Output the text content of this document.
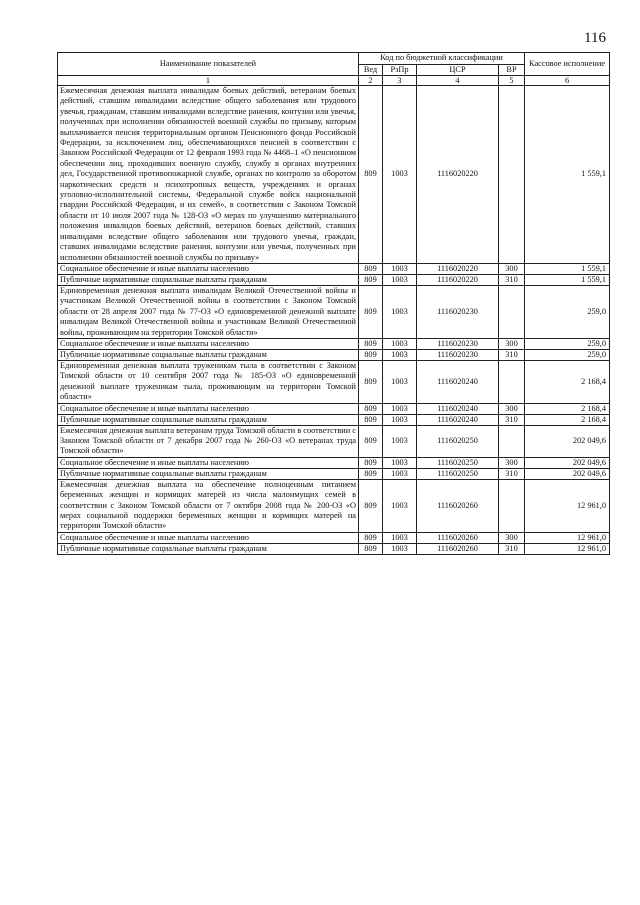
116
Наименование показателей	Код по бюджетной классификации				Кассовое исполнение
	Вед	РзПр	ЦСР	ВР	
1	2	3	4	5	6
Ежемесячная денежная выплата инвалидам боевых действий, ветеранам боевых действий, ставшим инвалидами вследствие общего заболевания или трудового увечья, гражданам, ставшим инвалидами вследствие ранения, контузии или увечья, полученных при исполнении обязанностей военной службы по призыву, которым выплачивается пенсия территориальным органом Пенсионного фонда Российской Федерации, за исключением лиц, обеспечивающихся пенсией в соответствии с Законом Российской Федерации от 12 февраля 1993 года № 4468–1 «О пенсионном обеспечении лиц, проходивших военную службу, службу в органах внутренних дел, Государственной противопожарной службе, органах по контролю за оборотом наркотических средств и психотропных веществ, учреждениях и органах уголовно-исполнительной системы, Федеральной службе войск национальной гвардии Российской Федерации, и их семей», в соответствии с Законом Томской области от 10 июля 2007 года № 128-ОЗ «О мерах по улучшению материального положения инвалидов боевых действий, ветеранов боевых действий, ставших инвалидами вследствие общего заболевания или трудового увечья, граждан, ставших инвалидами вследствие ранения, контузии или увечья, полученных при исполнении обязанностей военной службы по призыву»	809	1003	1116020220		1 559,1
Социальное обеспечение и иные выплаты населению	809	1003	1116020220	300	1 559,1
Публичные нормативные социальные выплаты гражданам	809	1003	1116020220	310	1 559,1
Единовременная денежная выплата инвалидам Великой Отечественной войны и участникам Великой Отечественной войны в соответствии с Законом Томской области от 28 апреля 2007 года № 77-ОЗ «О единовременной денежной выплате инвалидам Великой Отечественной войны и участникам Великой Отечественной войны, проживающим на территории Томской области»	809	1003	1116020230		259,0
Социальное обеспечение и иные выплаты населению	809	1003	1116020230	300	259,0
Публичные нормативные социальные выплаты гражданам	809	1003	1116020230	310	259,0
Единовременная денежная выплата труженикам тыла в соответствии с Законом Томской области от 10 сентября 2007 года № 185-ОЗ «О единовременной денежной выплате труженикам тыла, проживающим на территории Томской области»	809	1003	1116020240		2 168,4
Социальное обеспечение и иные выплаты населению	809	1003	1116020240	300	2 168,4
Публичные нормативные социальные выплаты гражданам	809	1003	1116020240	310	2 168,4
Ежемесячная денежная выплата ветеранам труда Томской области в соответствии с Законом Томской области от 7 декабря 2007 года № 260-ОЗ «О ветеранах труда Томской области»	809	1003	1116020250		202 049,6
Социальное обеспечение и иные выплаты населению	809	1003	1116020250	300	202 049,6
Публичные нормативные социальные выплаты гражданам	809	1003	1116020250	310	202 049,6
Ежемесячная денежная выплата на обеспечение полноценным питанием беременных женщин и кормящих матерей из числа малоимущих семей в соответствии с Законом Томской области от 7 октября 2008 года № 200-ОЗ «О мерах социальной поддержки беременных женщин и кормящих матерей на территории Томской области»	809	1003	1116020260		12 961,0
Социальное обеспечение и иные выплаты населению	809	1003	1116020260	300	12 961,0
Публичные нормативные социальные выплаты гражданам	809	1003	1116020260	310	12 961,0
